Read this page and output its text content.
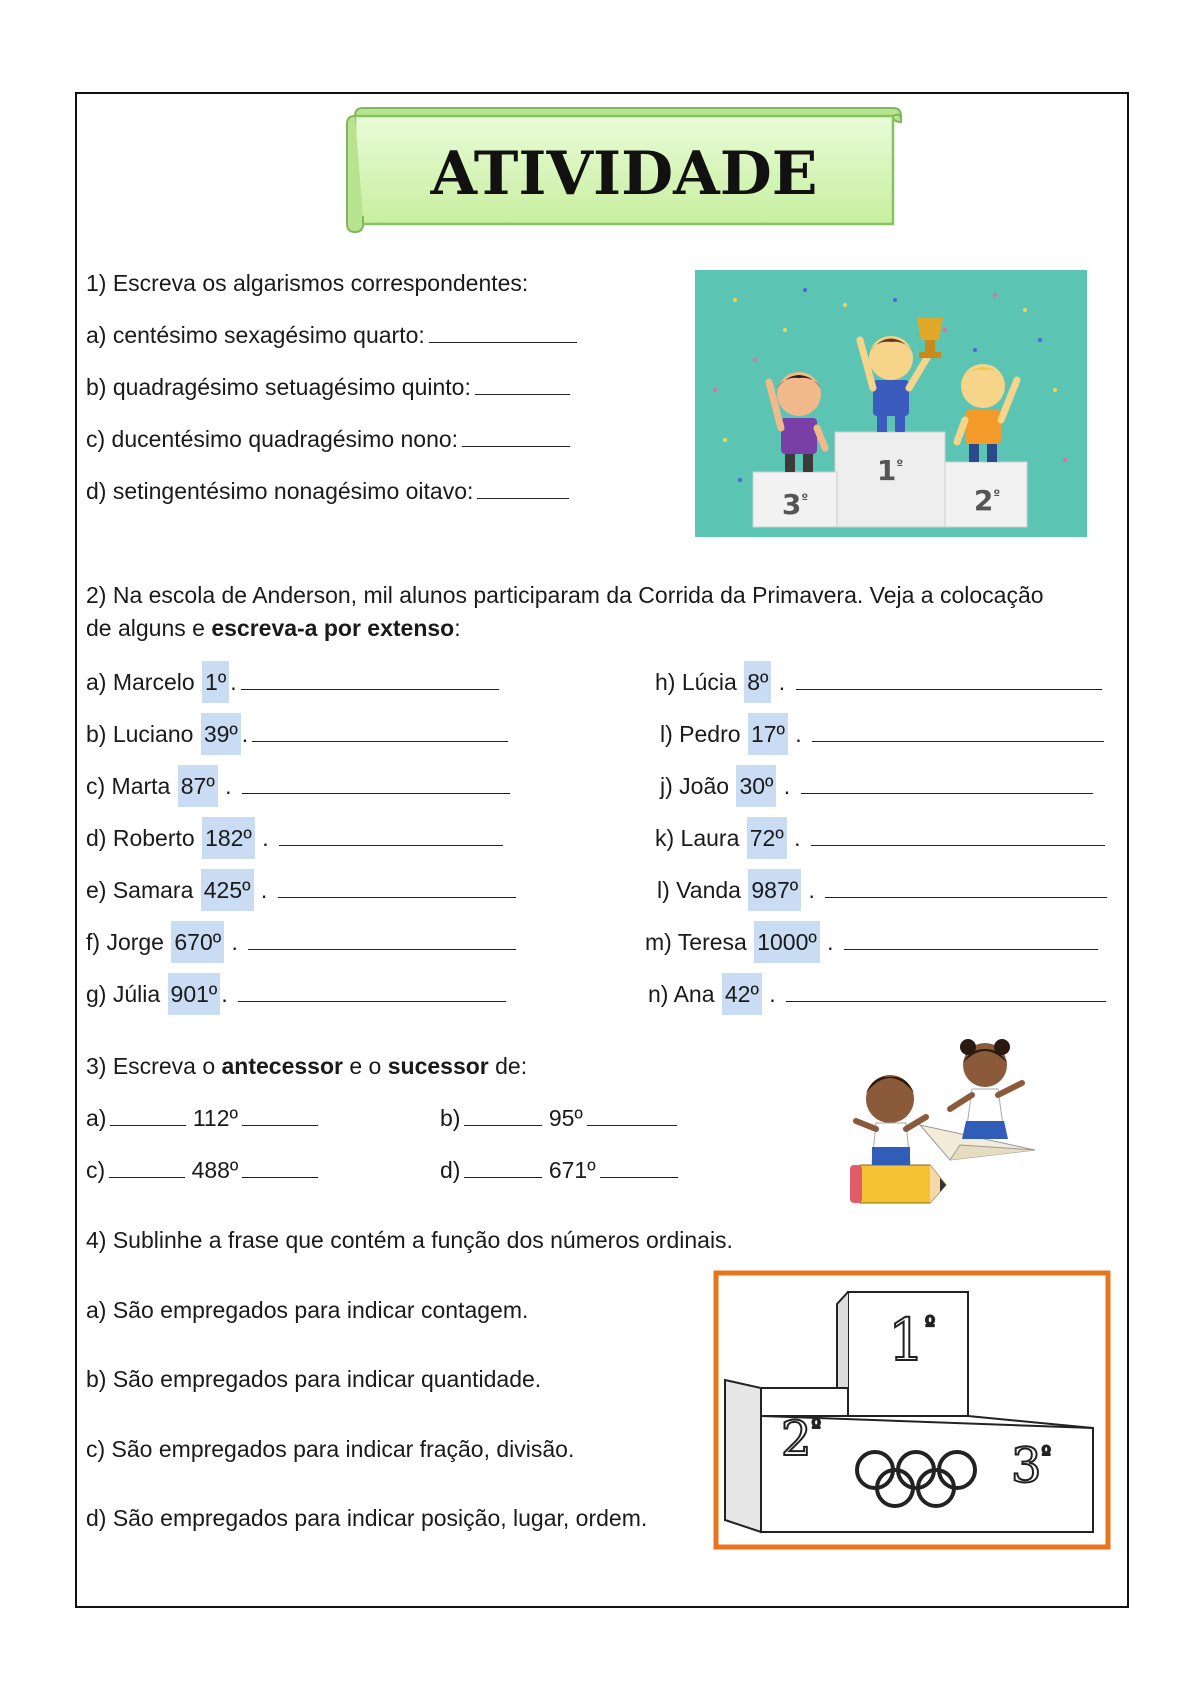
ATIVIDADE
1) Escreva os algarismos correspondentes:
a) centésimo sexagésimo quarto:
b) quadragésimo setuagésimo quinto:
c) ducentésimo quadragésimo nono:
d) setingentésimo nonagésimo oitavo:
$1^º$
$3^º$	$2^º$
2) Na escola de Anderson, mil alunos participaram da Corrida da Primavera. Veja a colocação
de alguns e escreva-a por extenso:
a) Marcelo 1º .
b) Luciano 39º .
c) Marta 87º .
d) Roberto 182º .
e) Samara 425º .
f) Jorge 670º .
g) Júlia 901º .
h) Lúcia 8º .
l) Pedro 17º .
j) João 30º .
k) Laura 72º .
l) Vanda 987º .
m) Teresa 1000º .
n) Ana 42º .
3) Escreva o antecessor e o sucessor de:
a)	112º	b)	95º
c)	488º	d)	671º
4) Sublinhe a frase que contém a função dos números ordinais.
a) São empregados para indicar contagem.
b) São empregados para indicar quantidade.
c) São empregados para indicar fração, divisão.
d) São empregados para indicar posição, lugar, ordem.
$1^º$
$2^º$
$3^º$
